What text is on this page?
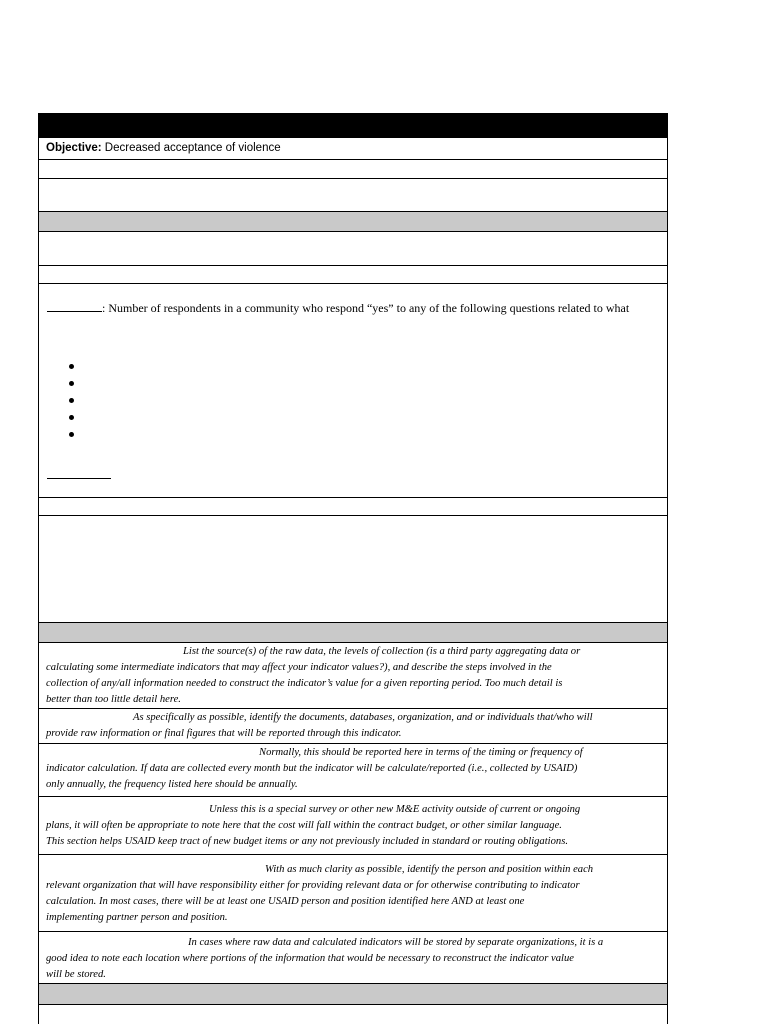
Objective: Decreased acceptance of violence
: Number of respondents in a community who respond “yes” to any of the following questions related to what
List the source(s) of the raw data, the levels of collection (is a third party aggregating data or
calculating some intermediate indicators that may affect your indicator values?), and describe the steps involved in the
collection of any/all information needed to construct the indicator’s value for a given reporting period. Too much detail is
better than too little detail here.
As specifically as possible, identify the documents, databases, organization, and or individuals that/who will
provide raw information or final figures that will be reported through this indicator.
Normally, this should be reported here in terms of the timing or frequency of
indicator calculation. If data are collected every month but the indicator will be calculate/reported (i.e., collected by USAID)
only annually, the frequency listed here should be annually.
Unless this is a special survey or other new M&E activity outside of current or ongoing
plans, it will often be appropriate to note here that the cost will fall within the contract budget, or other similar language.
This section helps USAID keep tract of new budget items or any not previously included in standard or routing obligations.
With as much clarity as possible, identify the person and position within each
relevant organization that will have responsibility either for providing relevant data or for otherwise contributing to indicator
calculation. In most cases, there will be at least one USAID person and position identified here AND at least one
implementing partner person and position.
In cases where raw data and calculated indicators will be stored by separate organizations, it is a
good idea to note each location where portions of the information that would be necessary to reconstruct the indicator value
will be stored.
